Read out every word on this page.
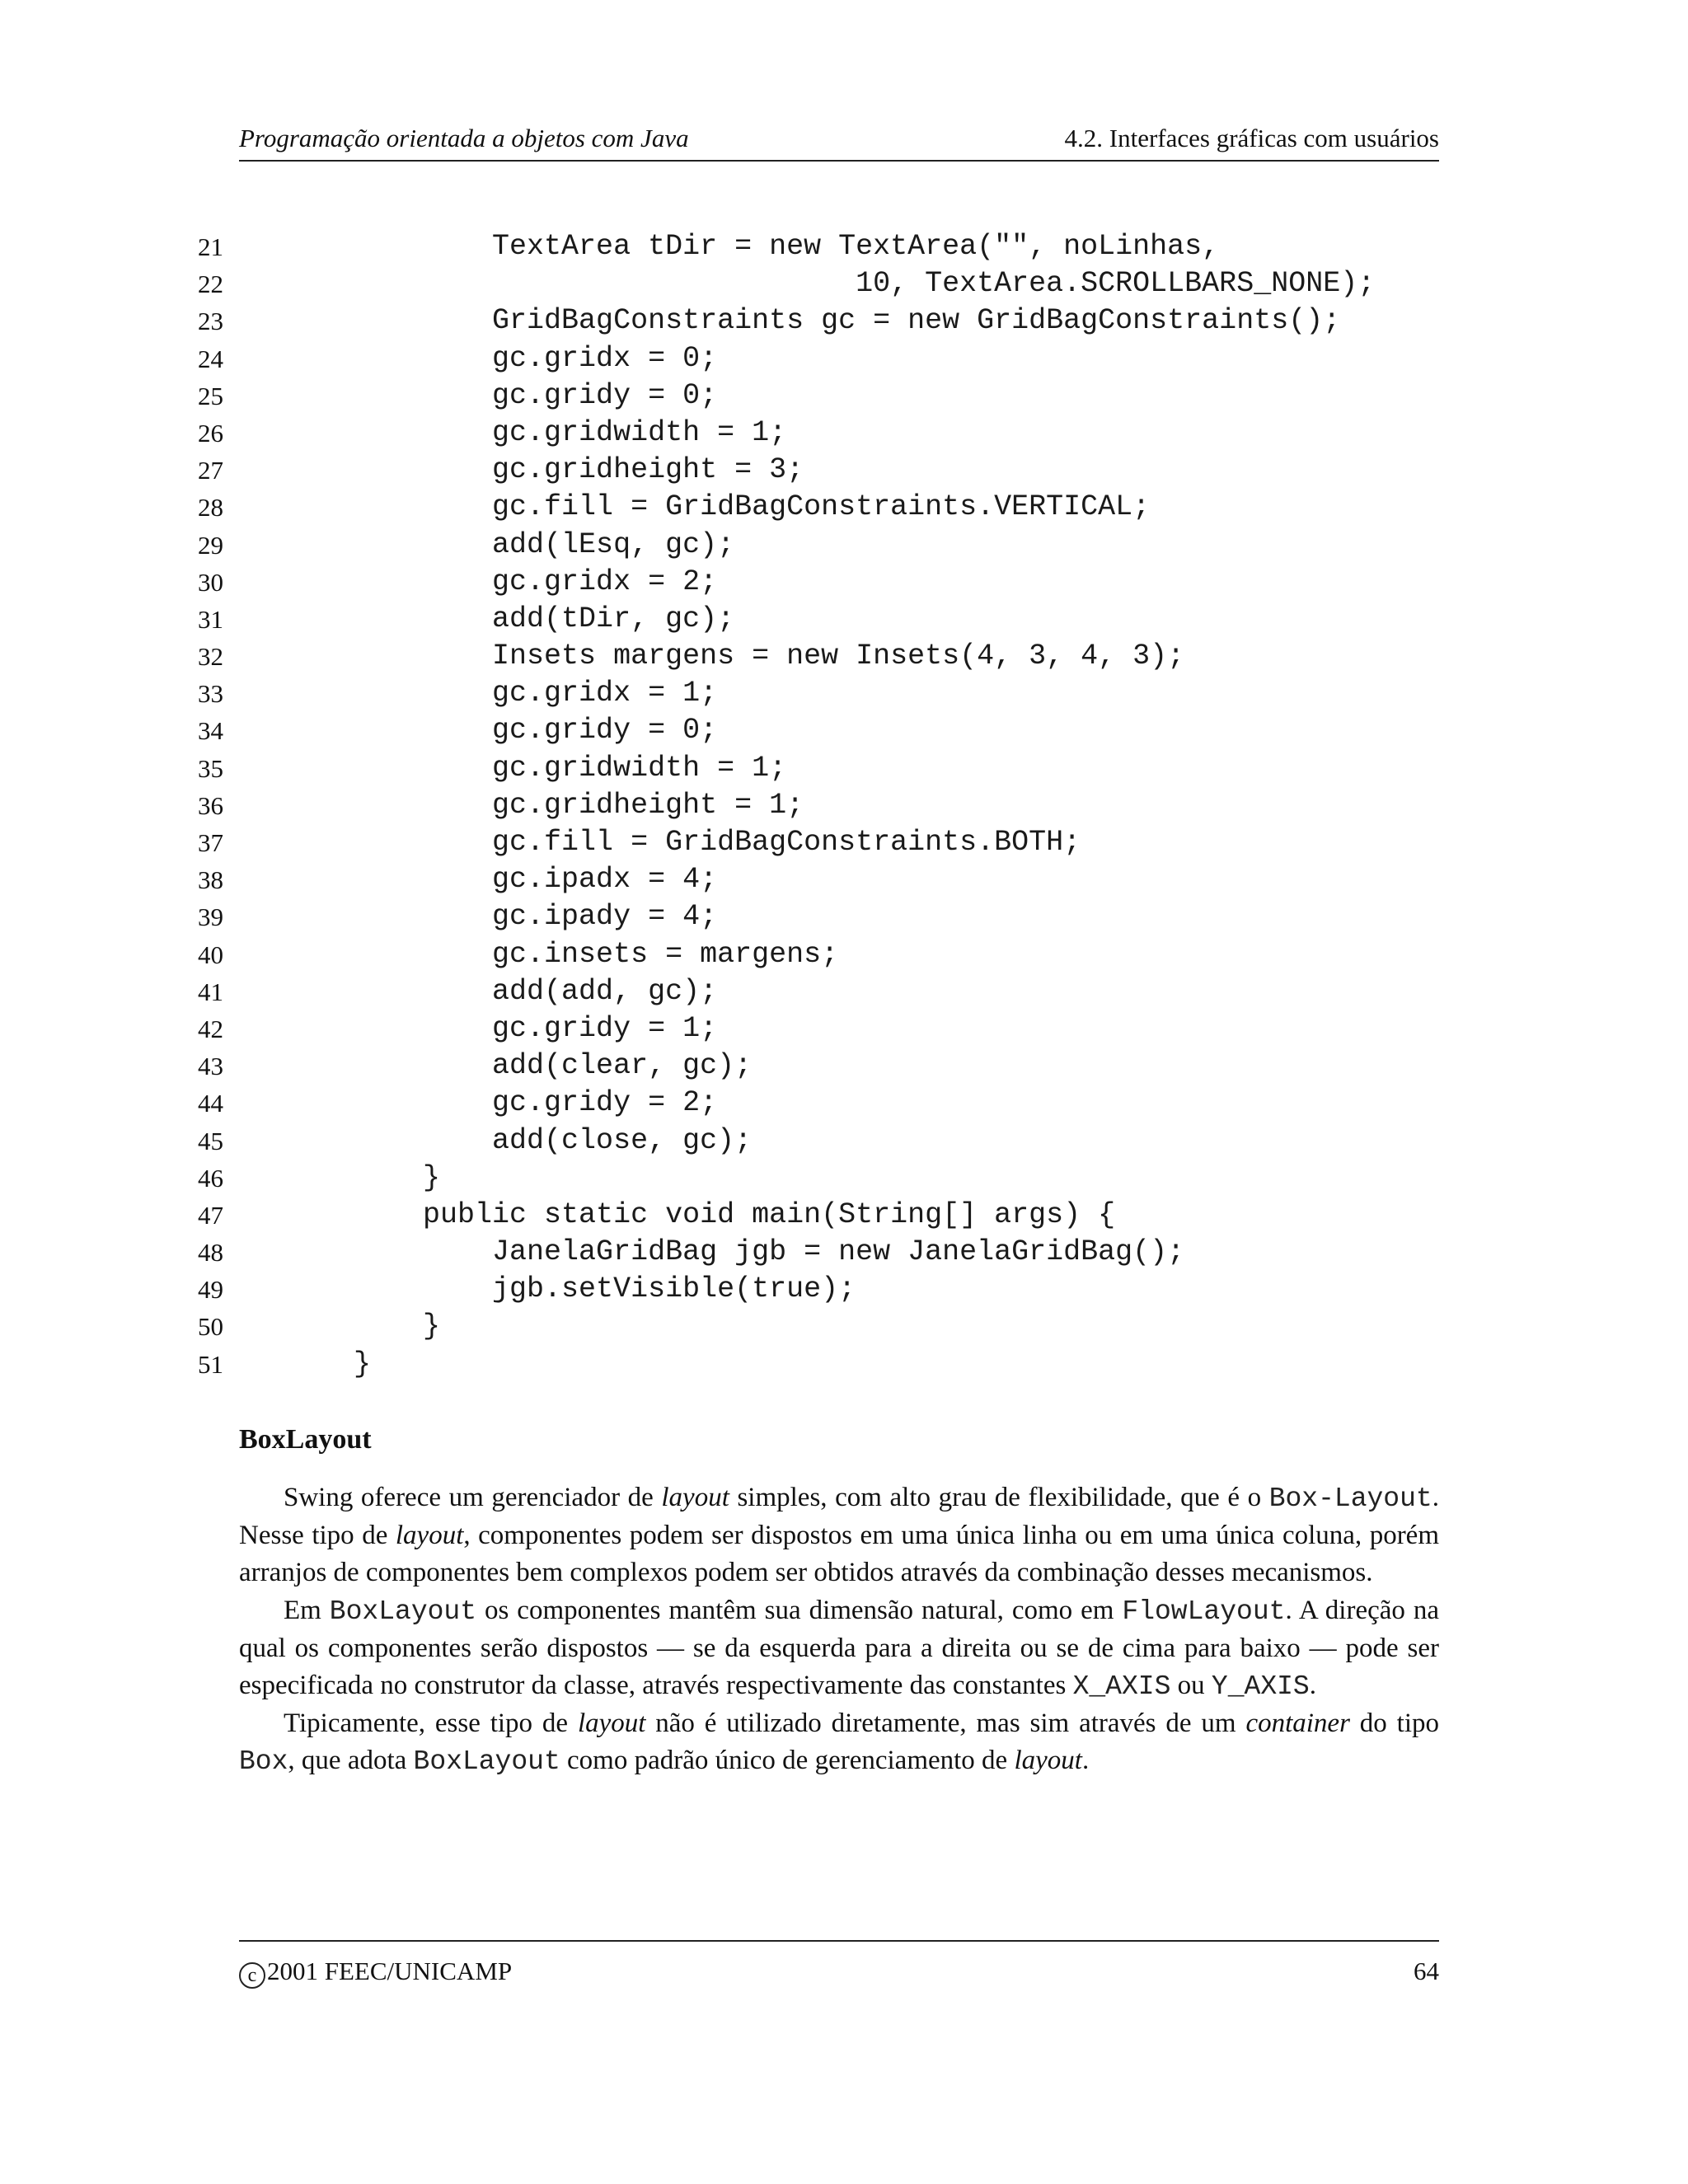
Programação orientada a objetos com Java	4.2. Interfaces gráficas com usuários
21	TextArea tDir = new TextArea("", noLinhas,
22	10, TextArea.SCROLLBARS_NONE);
23	GridBagConstraints gc = new GridBagConstraints();
24	gc.gridx = 0;
25	gc.gridy = 0;
26	gc.gridwidth = 1;
27	gc.gridheight = 3;
28	gc.fill = GridBagConstraints.VERTICAL;
29	add(lEsq, gc);
30	gc.gridx = 2;
31	add(tDir, gc);
32	Insets margens = new Insets(4, 3, 4, 3);
33	gc.gridx = 1;
34	gc.gridy = 0;
35	gc.gridwidth = 1;
36	gc.gridheight = 1;
37	gc.fill = GridBagConstraints.BOTH;
38	gc.ipadx = 4;
39	gc.ipady = 4;
40	gc.insets = margens;
41	add(add, gc);
42	gc.gridy = 1;
43	add(clear, gc);
44	gc.gridy = 2;
45	add(close, gc);
46	}
47	public static void main(String[] args) {
48	JanelaGridBag jgb = new JanelaGridBag();
49	jgb.setVisible(true);
50	}
51	}
BoxLayout

Swing oferece um gerenciador de layout simples, com alto grau de flexibilidade, que é o Box-Layout. Nesse tipo de layout, componentes podem ser dispostos em uma única linha ou em uma única coluna, porém arranjos de componentes bem complexos podem ser obtidos através da combinação desses mecanismos.

Em BoxLayout os componentes mantêm sua dimensão natural, como em FlowLayout. A direção na qual os componentes serão dispostos — se da esquerda para a direita ou se de cima para baixo — pode ser especificada no construtor da classe, através respectivamente das constantes X_AXIS ou Y_AXIS.

Tipicamente, esse tipo de layout não é utilizado diretamente, mas sim através de um container do tipo Box, que adota BoxLayout como padrão único de gerenciamento de layout.

c 2001 FEEC/UNICAMP	64
